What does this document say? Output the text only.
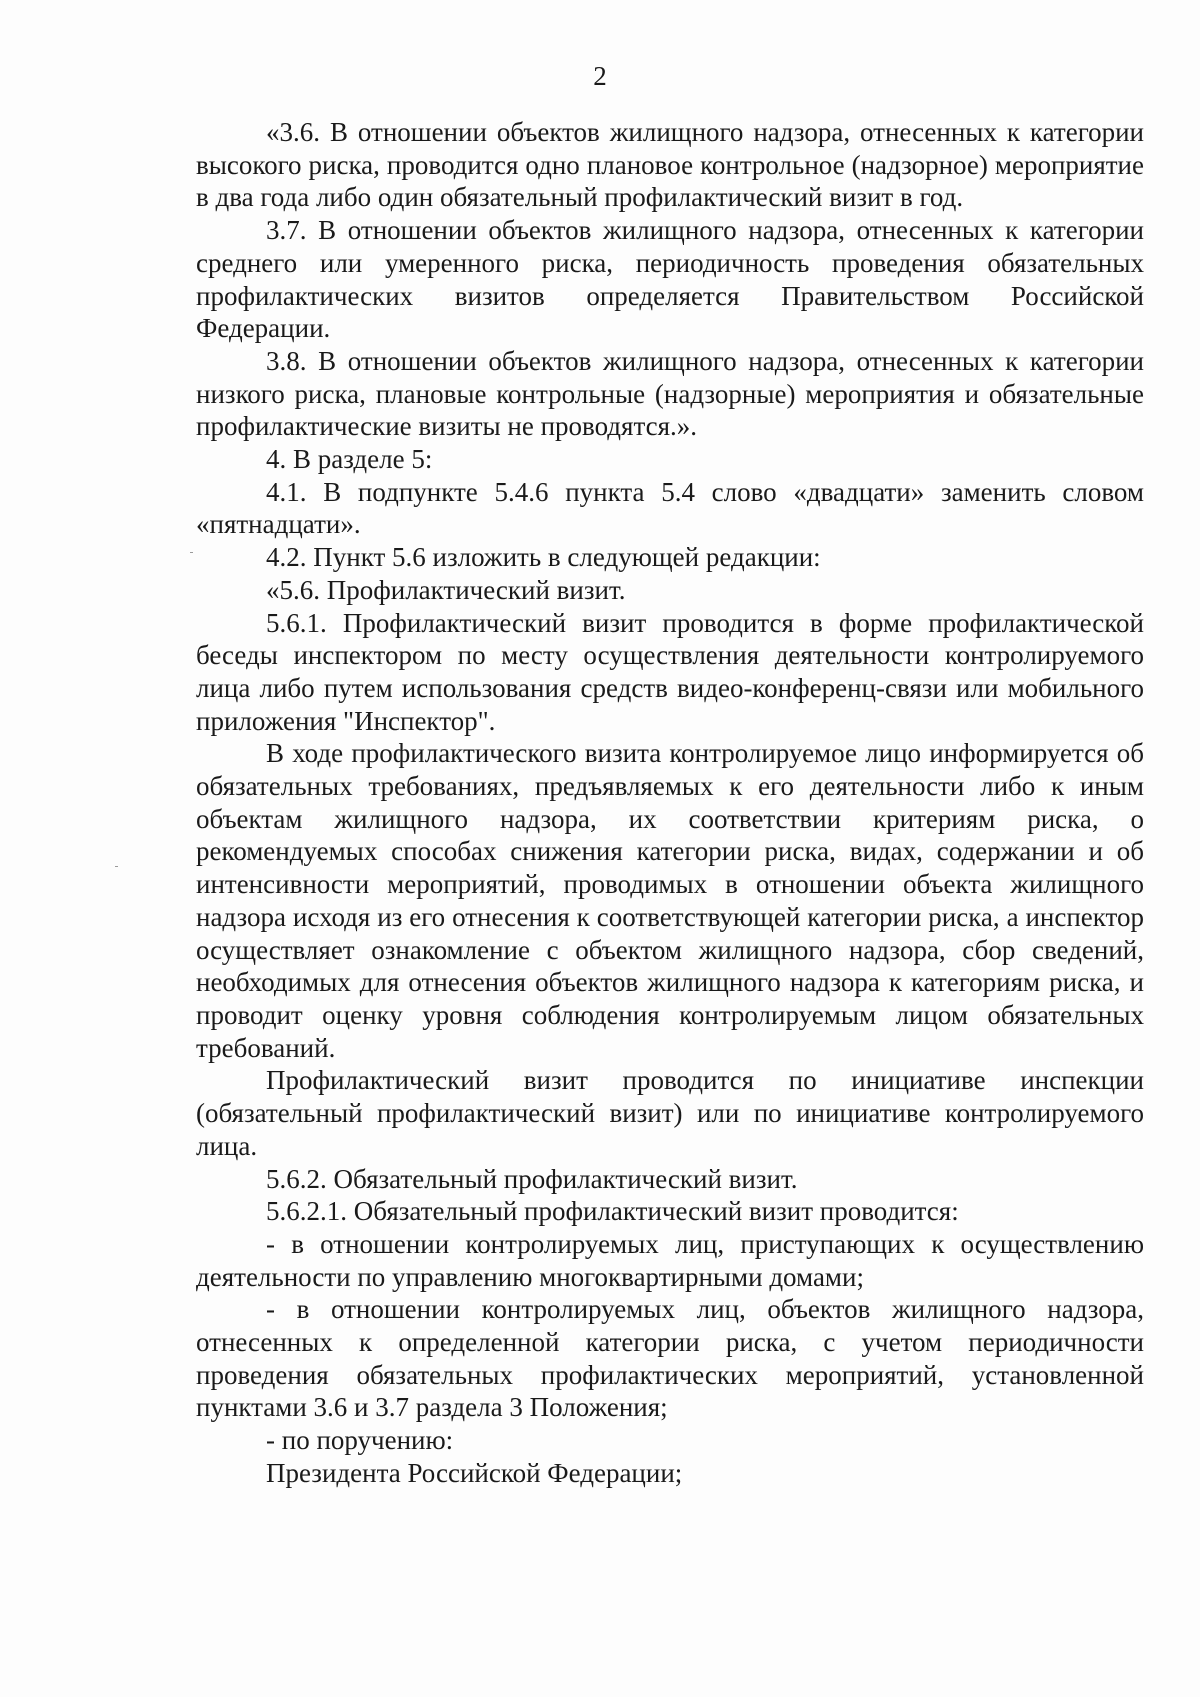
2

«3.6. В отношении объектов жилищного надзора, отнесенных к категории высокого риска, проводится одно плановое контрольное (надзорное) мероприятие в два года либо один обязательный профилактический визит в год.

3.7. В отношении объектов жилищного надзора, отнесенных к категории среднего или умеренного риска, периодичность проведения обязательных профилактических визитов определяется Правительством Российской Федерации.

3.8. В отношении объектов жилищного надзора, отнесенных к категории низкого риска, плановые контрольные (надзорные) мероприятия и обязательные профилактические визиты не проводятся.».

4. В разделе 5:

4.1. В подпункте 5.4.6 пункта 5.4 слово «двадцати» заменить словом «пятнадцати».

4.2. Пункт 5.6 изложить в следующей редакции:

«5.6. Профилактический визит.

5.6.1. Профилактический визит проводится в форме профилактической беседы инспектором по месту осуществления деятельности контролируемого лица либо путем использования средств видео-конференц-связи или мобильного приложения "Инспектор".

В ходе профилактического визита контролируемое лицо информируется об обязательных требованиях, предъявляемых к его деятельности либо к иным объектам жилищного надзора, их соответствии критериям риска, о рекомендуемых способах снижения категории риска, видах, содержании и об интенсивности мероприятий, проводимых в отношении объекта жилищного надзора исходя из его отнесения к соответствующей категории риска, а инспектор осуществляет ознакомление с объектом жилищного надзора, сбор сведений, необходимых для отнесения объектов жилищного надзора к категориям риска, и проводит оценку уровня соблюдения контролируемым лицом обязательных требований.

Профилактический визит проводится по инициативе инспекции (обязательный профилактический визит) или по инициативе контролируемого лица.

5.6.2. Обязательный профилактический визит.

5.6.2.1. Обязательный профилактический визит проводится:

- в отношении контролируемых лиц, приступающих к осуществлению деятельности по управлению многоквартирными домами;

- в отношении контролируемых лиц, объектов жилищного надзора, отнесенных к определенной категории риска, с учетом периодичности проведения обязательных профилактических мероприятий, установленной пунктами 3.6 и 3.7 раздела 3 Положения;

- по поручению:

Президента Российской Федерации;
